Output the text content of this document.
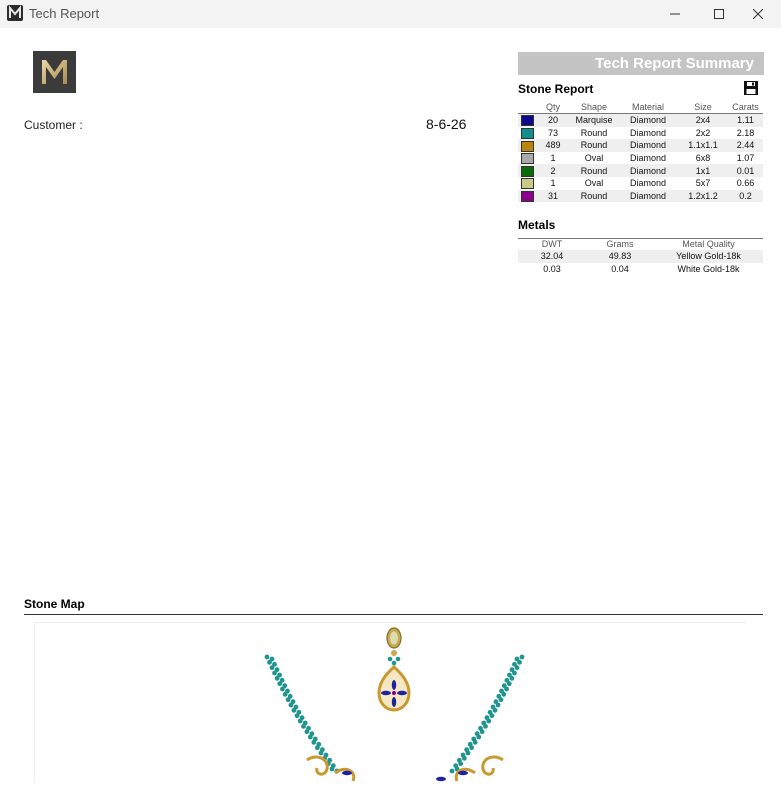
Tech Report
Customer :	8-6-26
Tech Report Summary
Stone Report
	Qty	Shape	Material	Size	Carats
	20	Marquise	Diamond	2x4	1.11
	73	Round	Diamond	2x2	2.18
	489	Round	Diamond	1.1x1.1	2.44
	1	Oval	Diamond	6x8	1.07
	2	Round	Diamond	1x1	0.01
	1	Oval	Diamond	5x7	0.66
	31	Round	Diamond	1.2x1.2	0.2
Metals
DWT	Grams	Metal Quality
32.04	49.83	Yellow Gold-18k
0.03	0.04	White Gold-18k
Stone Map
